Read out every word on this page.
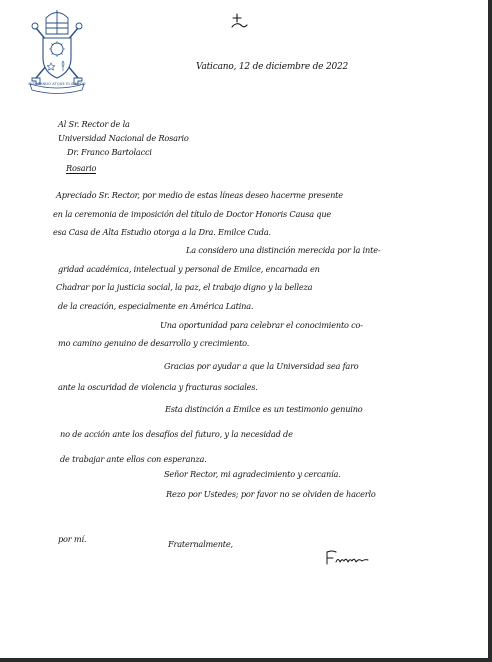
MISERANDO ATQUE ELIGENDO
Vaticano, 12 de diciembre de 2022
Al Sr. Rector de la
Universidad Nacional de Rosario
Dr. Franco Bartolacci
Rosario
Apreciado Sr. Rector, por medio de estas líneas deseo hacerme presente
en la ceremonia de imposición del título de Doctor Honoris Causa que
esa Casa de Alta Estudio otorga a la Dra. Emilce Cuda.
La considero una distinción merecida por la inte-
gridad académica, intelectual y personal de Emilce, encarnada en
Chadrar por la justicia social, la paz, el trabajo digno y la belleza
de la creación, especialmente en América Latina.
Una oportunidad para celebrar el conocimiento co-
mo camino genuino de desarrollo y crecimiento.
Gracias por ayudar a que la Universidad sea faro
ante la oscuridad de violencia y fracturas sociales.
Esta distinción a Emilce es un testimonio genuino
no de acción ante los desafíos del futuro, y la necesidad de
de trabajar ante ellos con esperanza.
Señor Rector, mi agradecimiento y cercanía.
Rezo por Ustedes; por favor no se olviden de hacerlo
por mí.	Fraternalmente,
